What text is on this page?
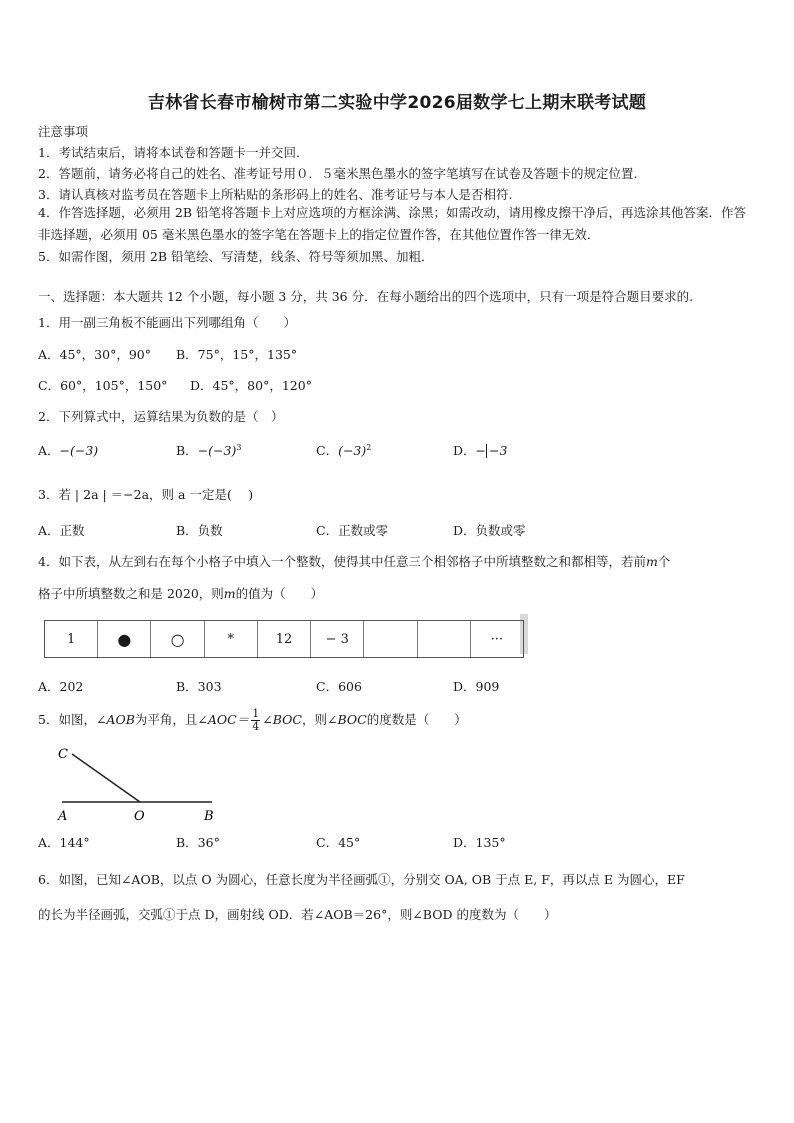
吉林省长春市榆树市第二实验中学2026届数学七上期末联考试题
注意事项
1．考试结束后，请将本试卷和答题卡一并交回.
2．答题前，请务必将自己的姓名、准考证号用０．５毫米黑色墨水的签字笔填写在试卷及答题卡的规定位置.
3．请认真核对监考员在答题卡上所粘贴的条形码上的姓名、准考证号与本人是否相符.
4．作答选择题，必须用 2B 铅笔将答题卡上对应选项的方框涂满、涂黑；如需改动，请用橡皮擦干净后，再选涂其他答案．作答非选择题，必须用 05 毫米黑色墨水的签字笔在答题卡上的指定位置作答，在其他位置作答一律无效．
5．如需作图，须用 2B 铅笔绘、写清楚，线条、符号等须加黑、加粗．
一、选择题：本大题共 12 个小题，每小题 3 分，共 36 分．在每小题给出的四个选项中，只有一项是符合题目要求的.
1．用一副三角板不能画出下列哪组角（　　）
A．45°，30°，90° B．75°，15°，135°
C．60°，105°，150° D．45°，80°，120°
2．下列算式中，运算结果为负数的是（　）
A．−(−3)	B．$-(-3)^3$	C．$(-3)^2$	D．− −3
3．若 | 2a | ＝−2a，则 a 一定是(　 )
A．正数	B．负数	C．正数或零	D．负数或零
4．如下表，从左到右在每个小格子中填入一个整数，使得其中任意三个相邻格子中所填整数之和都相等，若前m个
格子中所填整数之和是 2020，则m的值为（　　）
1	●	○	*	12	− 3	···
A．202	B．303	C．606	D．909
5．如图，∠AOB为平角，且∠AOC＝ $\frac{1}{4}$ ∠BOC，则∠BOC的度数是（　　）
C
A	O	B
A．144°	B．36°	C．45°	D．135°
6．如图，已知∠AOB，以点 O 为圆心，任意长度为半径画弧①，分别交 OA, OB 于点 E, F，再以点 E 为圆心，EF
的长为半径画弧，交弧①于点 D，画射线 OD．若∠AOB＝26°，则∠BOD 的度数为（　　）
